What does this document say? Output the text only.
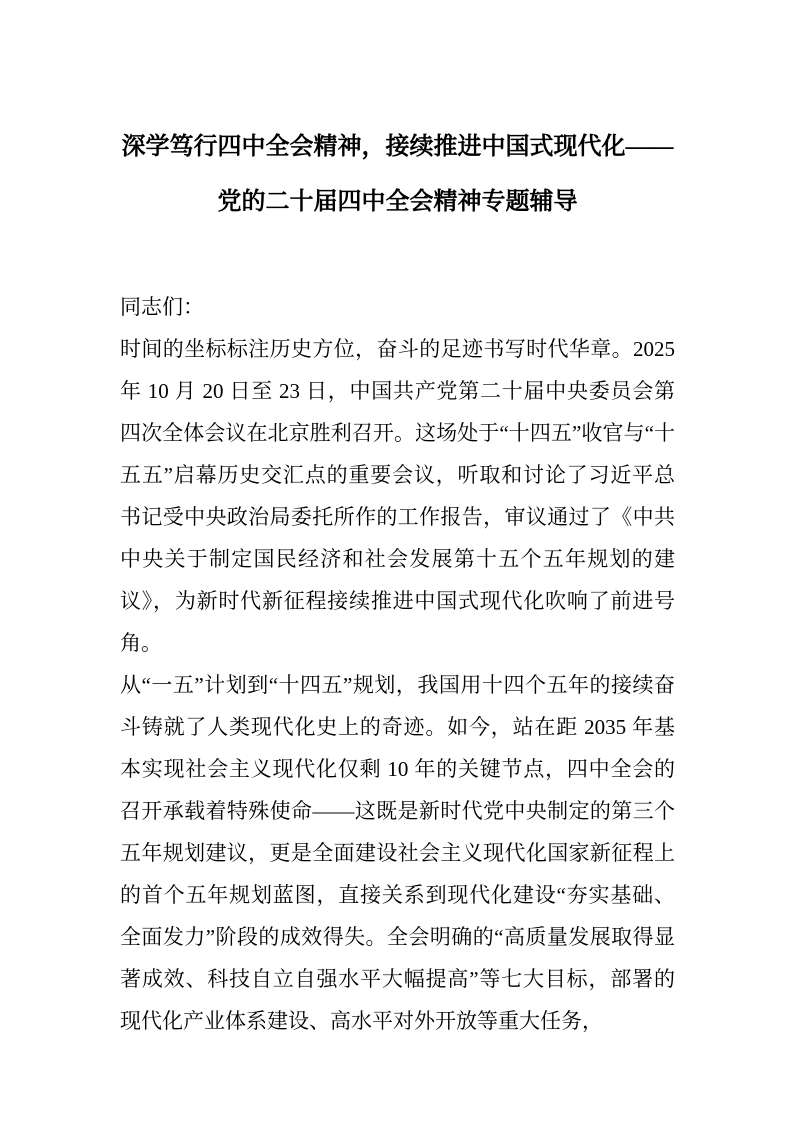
深学笃行四中全会精神，接续推进中国式现代化——
党的二十届四中全会精神专题辅导

同志们：

时间的坐标标注历史方位，奋斗的足迹书写时代华章。2025 年 10 月 20 日至 23 日，中国共产党第二十届中央委员会第四次全体会议在北京胜利召开。这场处于“十四五”收官与“十五五”启幕历史交汇点的重要会议，听取和讨论了习近平总书记受中央政治局委托所作的工作报告，审议通过了《中共中央关于制定国民经济和社会发展第十五个五年规划的建议》，为新时代新征程接续推进中国式现代化吹响了前进号角。

从“一五”计划到“十四五”规划，我国用十四个五年的接续奋斗铸就了人类现代化史上的奇迹。如今，站在距 2035 年基本实现社会主义现代化仅剩 10 年的关键节点，四中全会的召开承载着特殊使命——这既是新时代党中央制定的第三个五年规划建议，更是全面建设社会主义现代化国家新征程上的首个五年规划蓝图，直接关系到现代化建设“夯实基础、全面发力”阶段的成效得失。全会明确的“高质量发展取得显著成效、科技自立自强水平大幅提高”等七大目标，部署的现代化产业体系建设、高水平对外开放等重大任务，
